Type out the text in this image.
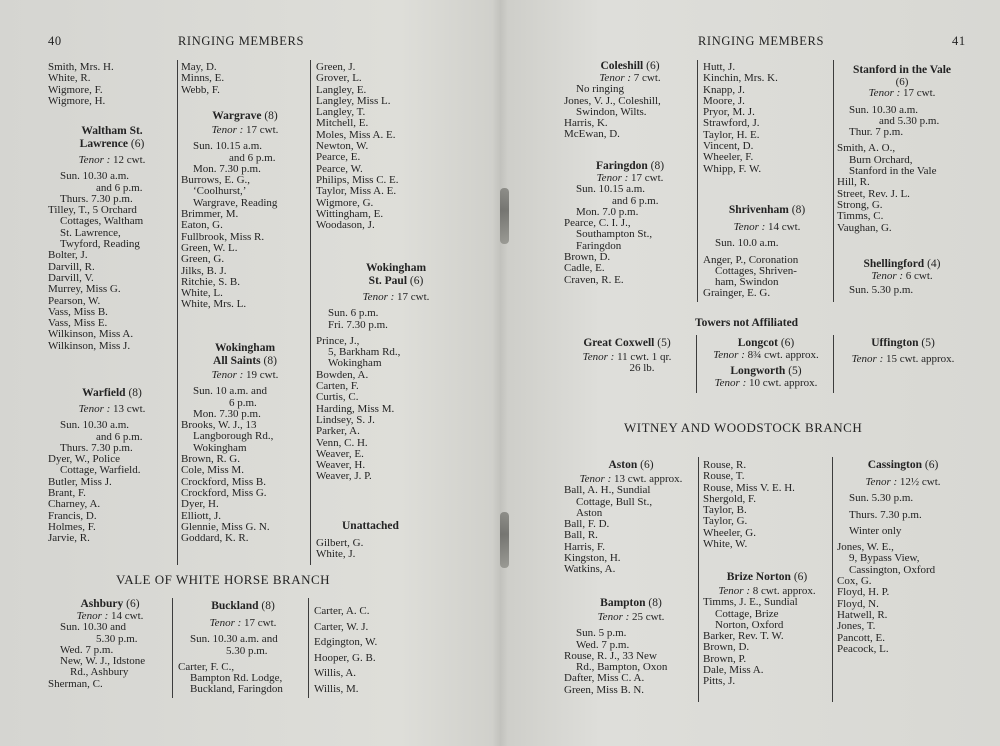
40	RINGING MEMBERS
Smith, Mrs. H.
White, R.
Wigmore, F.
Wigmore, H.
Waltham St.
Lawrence (6)
Tenor : 12 cwt.
Sun. 10.30 a.m.
and 6 p.m.
Thurs. 7.30 p.m.
Tilley, T., 5 Orchard
Cottages, Waltham
St. Lawrence,
Twyford, Reading
Bolter, J.
Darvill, R.
Darvill, V.
Murrey, Miss G.
Pearson, W.
Vass, Miss B.
Vass, Miss E.
Wilkinson, Miss A.
Wilkinson, Miss J.
Warfield (8)
Tenor : 13 cwt.
Sun. 10.30 a.m.
and 6 p.m.
Thurs. 7.30 p.m.
Dyer, W., Police
Cottage, Warfield.
Butler, Miss J.
Brant, F.
Charney, A.
Francis, D.
Holmes, F.
Jarvie, R.
May, D.
Minns, E.
Webb, F.
Wargrave (8)
Tenor : 17 cwt.
Sun. 10.15 a.m.
and 6 p.m.
Mon. 7.30 p.m.
Burrows, E. G.,
‘Coolhurst,’
Wargrave, Reading
Brimmer, M.
Eaton, G.
Fullbrook, Miss R.
Green, W. L.
Green, G.
Jilks, B. J.
Ritchie, S. B.
White, L.
White, Mrs. L.
Wokingham
All Saints (8)
Tenor : 19 cwt.
Sun. 10 a.m. and
6 p.m.
Mon. 7.30 p.m.
Brooks, W. J., 13
Langborough Rd.,
Wokingham
Brown, R. G.
Cole, Miss M.
Crockford, Miss B.
Crockford, Miss G.
Dyer, H.
Elliott, J.
Glennie, Miss G. N.
Goddard, K. R.
Green, J.
Grover, L.
Langley, E.
Langley, Miss L.
Langley, T.
Mitchell, E.
Moles, Miss A. E.
Newton, W.
Pearce, E.
Pearce, W.
Philips, Miss C. E.
Taylor, Miss A. E.
Wigmore, G.
Wittingham, E.
Woodason, J.
Wokingham
St. Paul (6)
Tenor : 17 cwt.
Sun. 6 p.m.
Fri. 7.30 p.m.
Prince, J.,
5, Barkham Rd.,
Wokingham
Bowden, A.
Carten, F.
Curtis, C.
Harding, Miss M.
Lindsey, S. J.
Parker, A.
Venn, C. H.
Weaver, E.
Weaver, H.
Weaver, J. P.
Unattached
Gilbert, G.
White, J.
VALE OF WHITE HORSE BRANCH
Ashbury (6)
Tenor : 14 cwt.
Sun. 10.30 and
5.30 p.m.
Wed. 7 p.m.
New, W. J., Idstone
Rd., Ashbury
Sherman, C.
Buckland (8)
Tenor : 17 cwt.
Sun. 10.30 a.m. and
5.30 p.m.
Carter, F. C.,
Bampton Rd. Lodge,
Buckland, Faringdon
Carter, A. C.
Carter, W. J.
Edgington, W.
Hooper, G. B.
Willis, A.
Willis, M.
RINGING MEMBERS	41
Coleshill (6)
Tenor : 7 cwt.
No ringing
Jones, V. J., Coleshill,
Swindon, Wilts.
Harris, K.
McEwan, D.
Faringdon (8)
Tenor : 17 cwt.
Sun. 10.15 a.m.
and 6 p.m.
Mon. 7.0 p.m.
Pearce, C. I. J.,
Southampton St.,
Faringdon
Brown, D.
Cadle, E.
Craven, R. E.
Hutt, J.
Kinchin, Mrs. K.
Knapp, J.
Moore, J.
Pryor, M. J.
Strawford, J.
Taylor, H. E.
Vincent, D.
Wheeler, F.
Whipp, F. W.
Shrivenham (8)
Tenor : 14 cwt.
Sun. 10.0 a.m.
Anger, P., Coronation
Cottages, Shriven-
ham, Swindon
Grainger, E. G.
Stanford in the Vale
(6)
Tenor : 17 cwt.
Sun. 10.30 a.m.
and 5.30 p.m.
Thur. 7 p.m.
Smith, A. O.,
Burn Orchard,
Stanford in the Vale
Hill, R.
Street, Rev. J. L.
Strong, G.
Timms, C.
Vaughan, G.
Shellingford (4)
Tenor : 6 cwt.
Sun. 5.30 p.m.
Towers not Affiliated
Great Coxwell (5)
Tenor : 11 cwt. 1 qr.
26 lb.
Longcot (6)
Tenor : 8¾ cwt. approx.
Longworth (5)
Tenor : 10 cwt. approx.
Uffington (5)
Tenor : 15 cwt. approx.
WITNEY AND WOODSTOCK BRANCH
Aston (6)
Tenor : 13 cwt. approx.
Ball, A. H., Sundial
Cottage, Bull St.,
Aston
Ball, F. D.
Ball, R.
Harris, F.
Kingston, H.
Watkins, A.
Bampton (8)
Tenor : 25 cwt.
Sun. 5 p.m.
Wed. 7 p.m.
Rouse, R. J., 33 New
Rd., Bampton, Oxon
Dafter, Miss C. A.
Green, Miss B. N.
Rouse, R.
Rouse, T.
Rouse, Miss V. E. H.
Shergold, F.
Taylor, B.
Taylor, G.
Wheeler, G.
White, W.
Brize Norton (6)
Tenor : 8 cwt. approx.
Timms, J. E., Sundial
Cottage, Brize
Norton, Oxford
Barker, Rev. T. W.
Brown, D.
Brown, P.
Dale, Miss A.
Pitts, J.
Cassington (6)
Tenor : 12½ cwt.
Sun. 5.30 p.m.
Thurs. 7.30 p.m.
Winter only
Jones, W. E.,
9, Bypass View,
Cassington, Oxford
Cox, G.
Floyd, H. P.
Floyd, N.
Hatwell, R.
Jones, T.
Pancott, E.
Peacock, L.
